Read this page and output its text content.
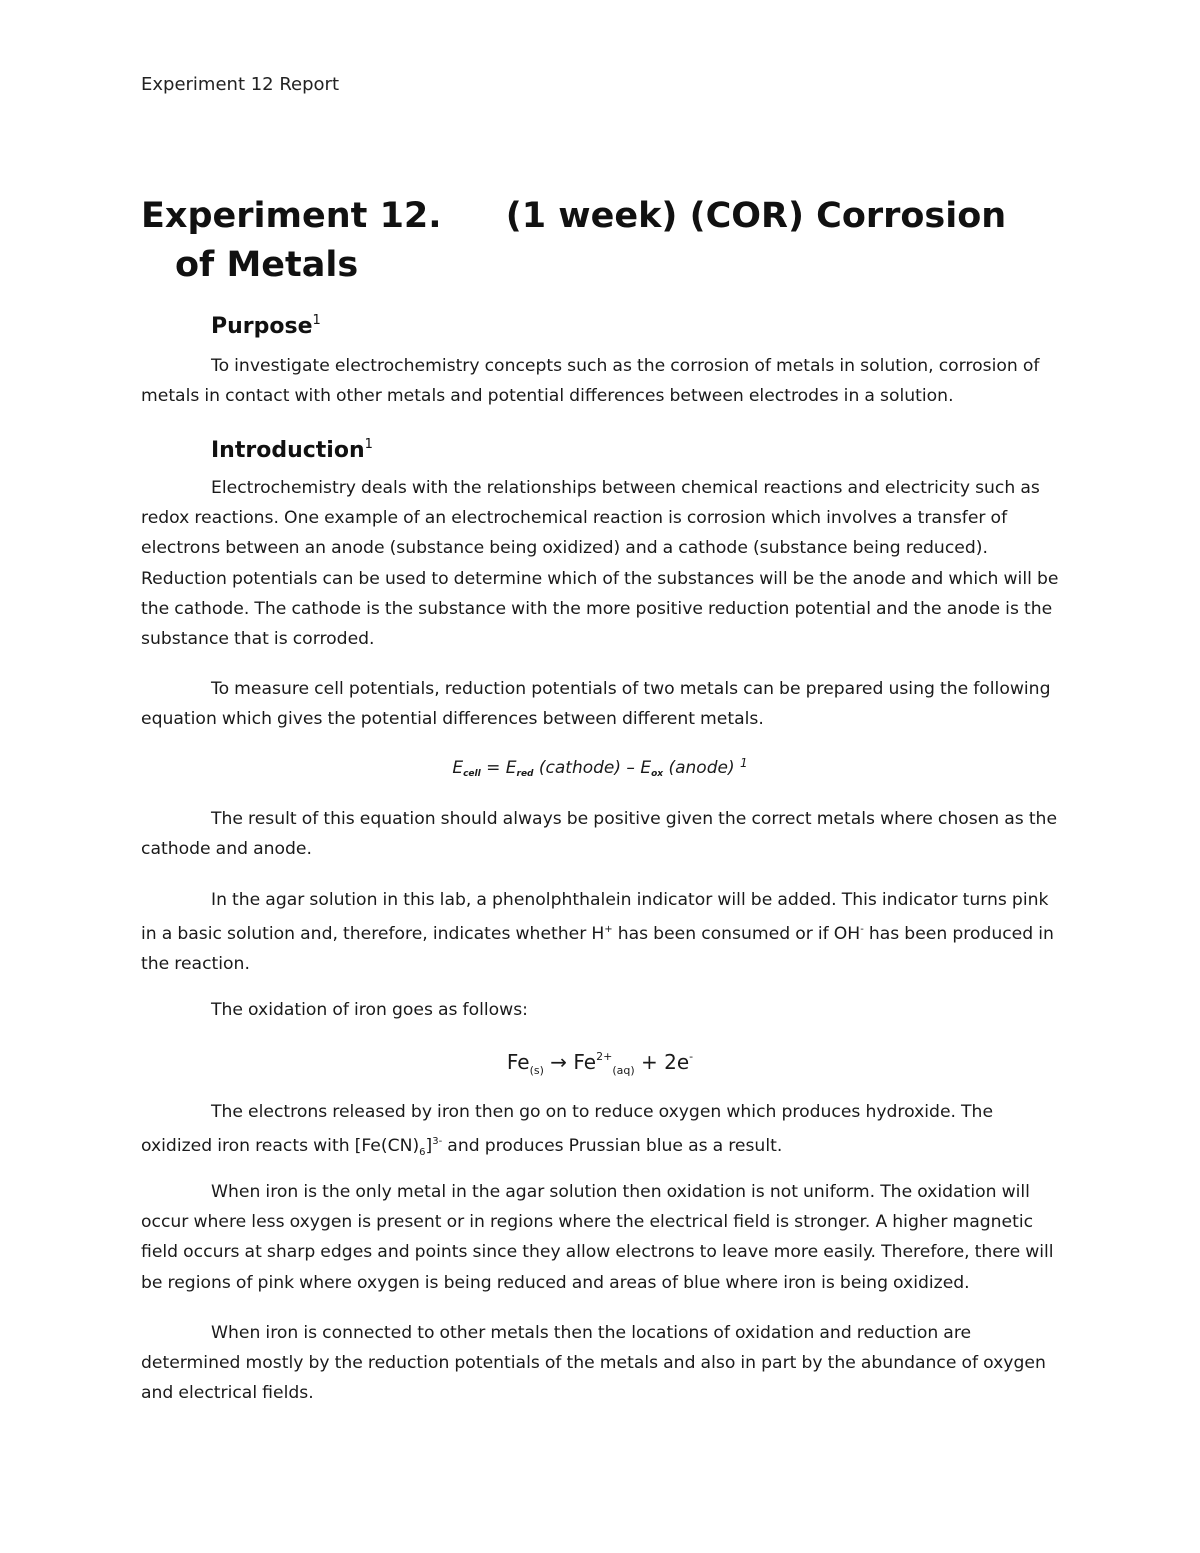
Experiment 12 Report
Experiment 12. (1 week) (COR) Corrosion
of Metals
Purpose$^1$

To investigate electrochemistry concepts such as the corrosion of metals in solution, corrosion of metals in contact with other metals and potential differences between electrodes in a solution.

Introduction$^1$

Electrochemistry deals with the relationships between chemical reactions and electricity such as redox reactions. One example of an electrochemical reaction is corrosion which involves a transfer of electrons between an anode (substance being oxidized) and a cathode (substance being reduced). Reduction potentials can be used to determine which of the substances will be the anode and which will be the cathode. The cathode is the substance with the more positive reduction potential and the anode is the substance that is corroded.

To measure cell potentials, reduction potentials of two metals can be prepared using the following equation which gives the potential differences between different metals.

$E_{cell} = E_{red}$ (cathode) – $E_{ox}$ (anode) $^1$

The result of this equation should always be positive given the correct metals where chosen as the cathode and anode.

In the agar solution in this lab, a phenolphthalein indicator will be added. This indicator turns pink in a basic solution and, therefore, indicates whether H+ has been consumed or if OH- has been produced in the reaction.

The oxidation of iron goes as follows:

$Fe_{(s)} \to Fe^{2+}_{(aq)} + 2e^-$

The electrons released by iron then go on to reduce oxygen which produces hydroxide. The oxidized iron reacts with $[Fe(CN)_6]^{3-}$ and produces Prussian blue as a result.

When iron is the only metal in the agar solution then oxidation is not uniform. The oxidation will occur where less oxygen is present or in regions where the electrical field is stronger. A higher magnetic field occurs at sharp edges and points since they allow electrons to leave more easily. Therefore, there will be regions of pink where oxygen is being reduced and areas of blue where iron is being oxidized.

When iron is connected to other metals then the locations of oxidation and reduction are determined mostly by the reduction potentials of the metals and also in part by the abundance of oxygen and electrical fields.
